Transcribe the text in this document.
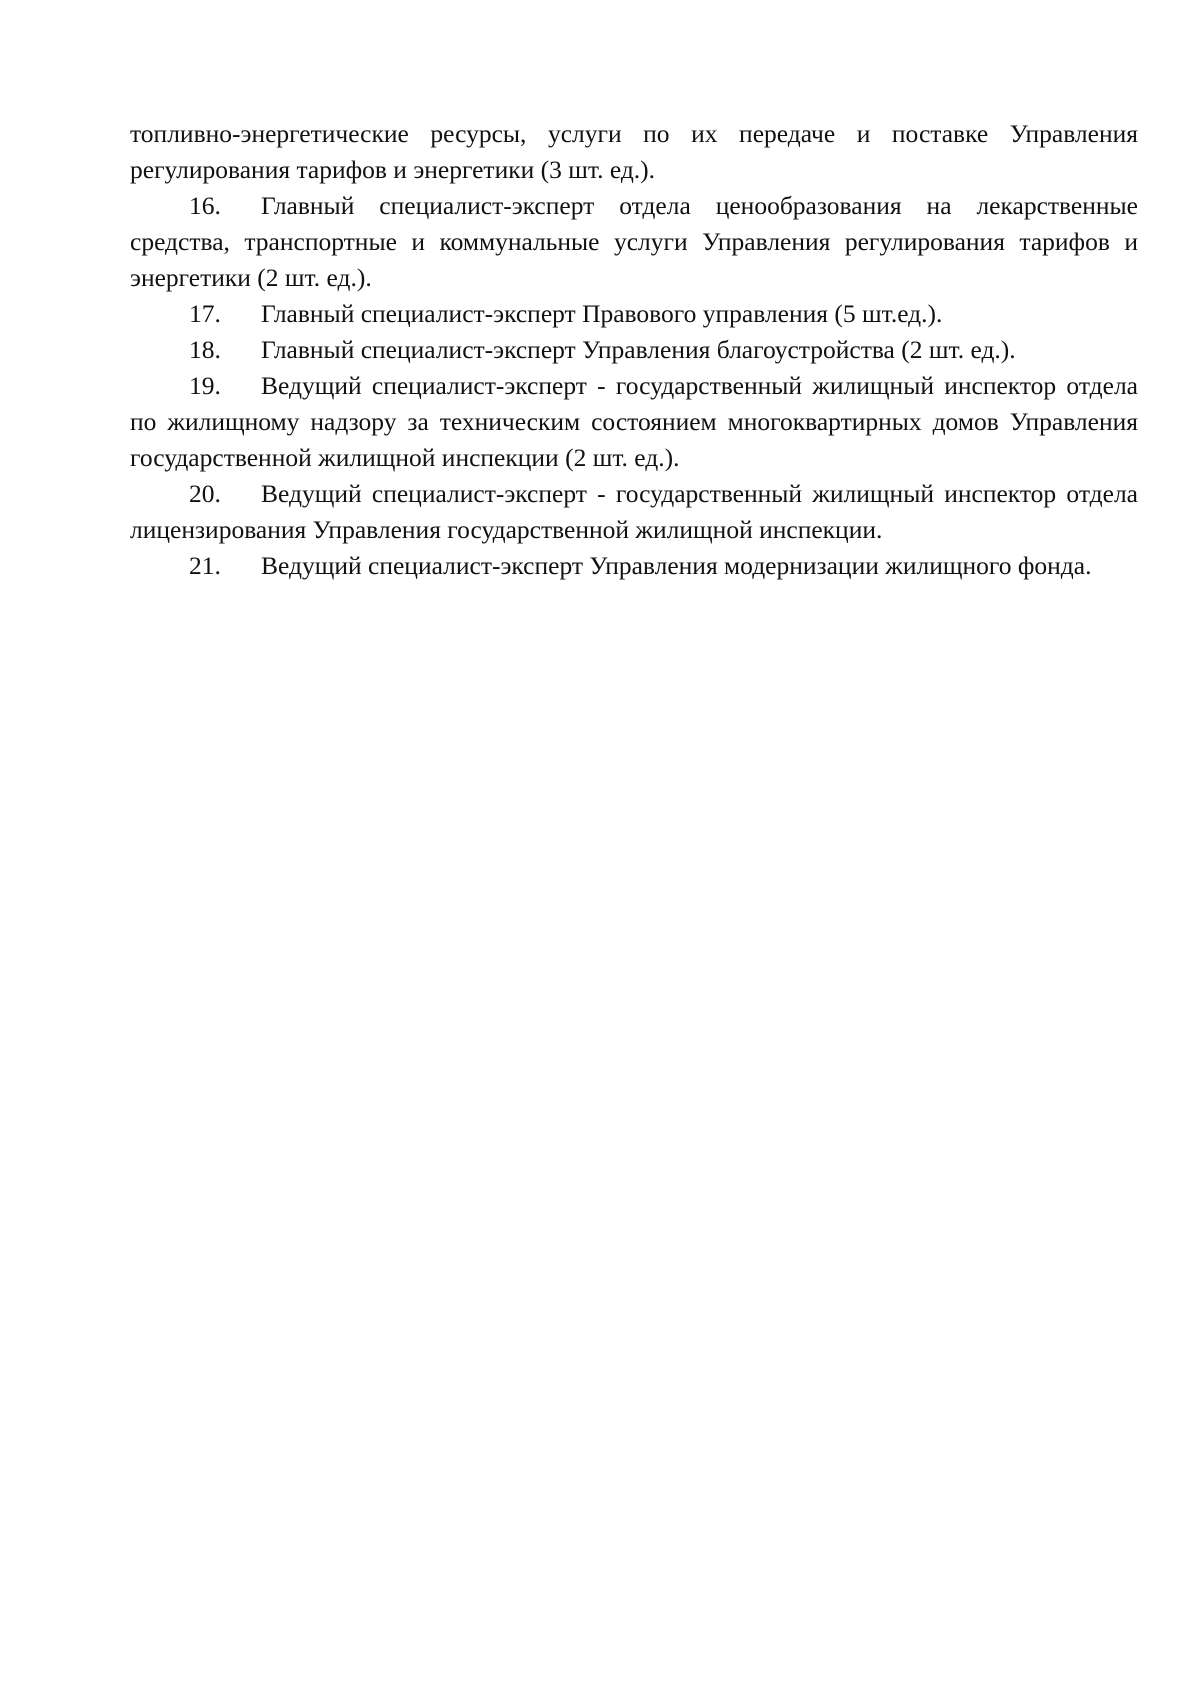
топливно-энергетические ресурсы, услуги по их передаче и поставке Управления регулирования тарифов и энергетики (3 шт. ед.).

16. Главный специалист-эксперт отдела ценообразования на лекарственные средства, транспортные и коммунальные услуги Управления регулирования тарифов и энергетики (2 шт. ед.).

17. Главный специалист-эксперт Правового управления (5 шт.ед.).

18. Главный специалист-эксперт Управления благоустройства (2 шт. ед.).

19. Ведущий специалист-эксперт - государственный жилищный инспектор отдела по жилищному надзору за техническим состоянием многоквартирных домов Управления государственной жилищной инспекции (2 шт. ед.).

20. Ведущий специалист-эксперт - государственный жилищный инспектор отдела лицензирования Управления государственной жилищной инспекции.

21. Ведущий специалист-эксперт Управления модернизации жилищного фонда.
